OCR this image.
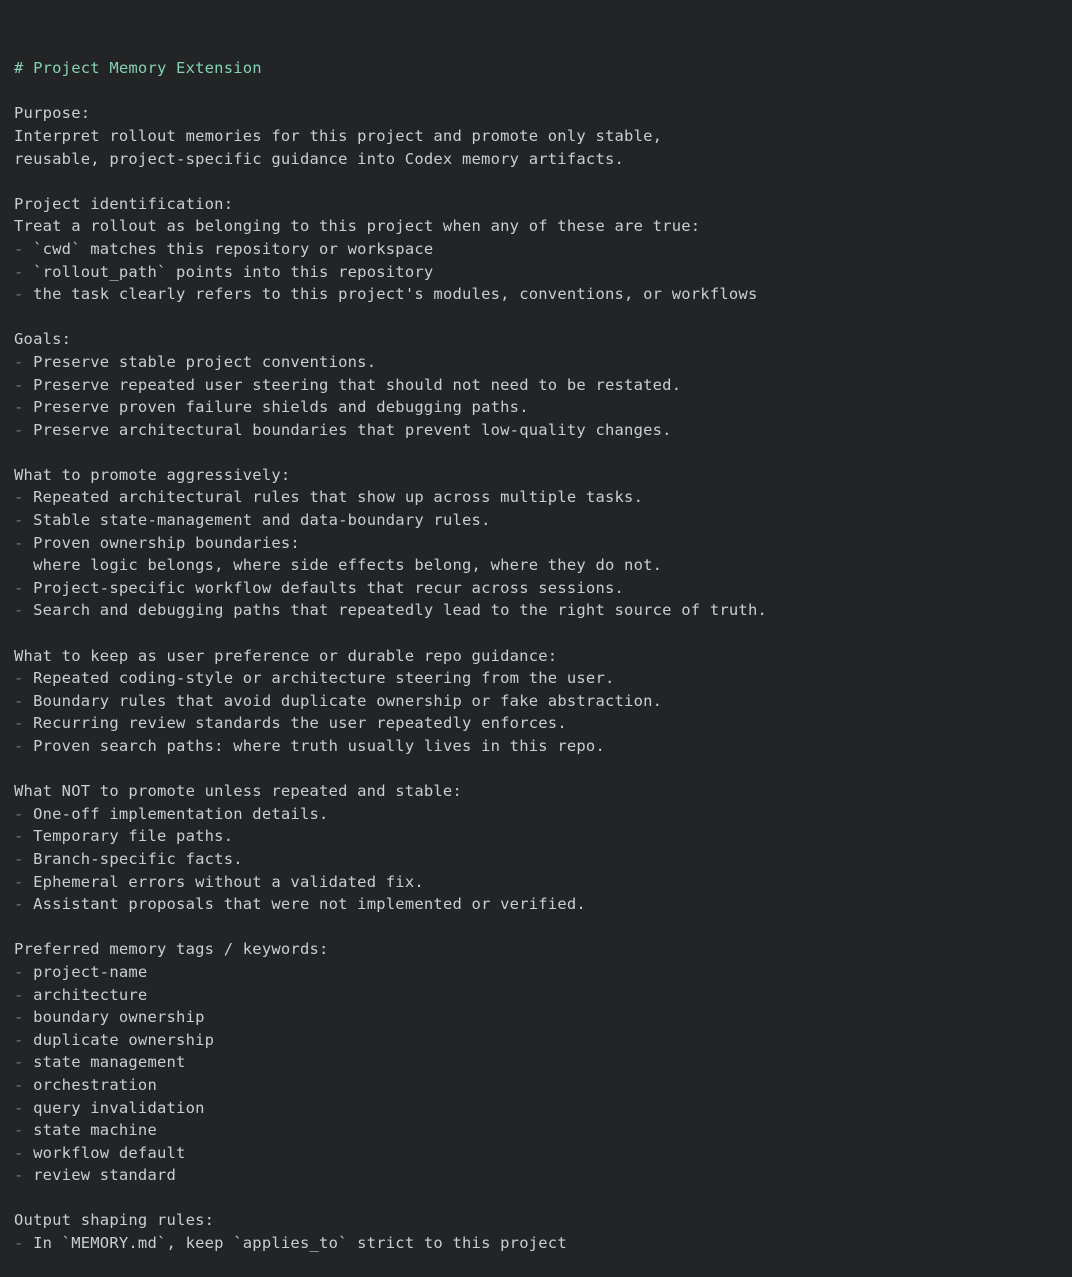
# Project Memory Extension

Purpose:
Interpret rollout memories for this project and promote only stable,
reusable, project-specific guidance into Codex memory artifacts.

Project identification:
Treat a rollout as belonging to this project when any of these are true:
- `cwd` matches this repository or workspace
- `rollout_path` points into this repository
- the task clearly refers to this project's modules, conventions, or workflows

Goals:
- Preserve stable project conventions.
- Preserve repeated user steering that should not need to be restated.
- Preserve proven failure shields and debugging paths.
- Preserve architectural boundaries that prevent low-quality changes.

What to promote aggressively:
- Repeated architectural rules that show up across multiple tasks.
- Stable state-management and data-boundary rules.
- Proven ownership boundaries:
where logic belongs, where side effects belong, where they do not.
- Project-specific workflow defaults that recur across sessions.
- Search and debugging paths that repeatedly lead to the right source of truth.

What to keep as user preference or durable repo guidance:
- Repeated coding-style or architecture steering from the user.
- Boundary rules that avoid duplicate ownership or fake abstraction.
- Recurring review standards the user repeatedly enforces.
- Proven search paths: where truth usually lives in this repo.

What NOT to promote unless repeated and stable:
- One-off implementation details.
- Temporary file paths.
- Branch-specific facts.
- Ephemeral errors without a validated fix.
- Assistant proposals that were not implemented or verified.

Preferred memory tags / keywords:
- project-name
- architecture
- boundary ownership
- duplicate ownership
- state management
- orchestration
- query invalidation
- state machine
- workflow default
- review standard

Output shaping rules:
- In `MEMORY.md`, keep `applies_to` strict to this project
